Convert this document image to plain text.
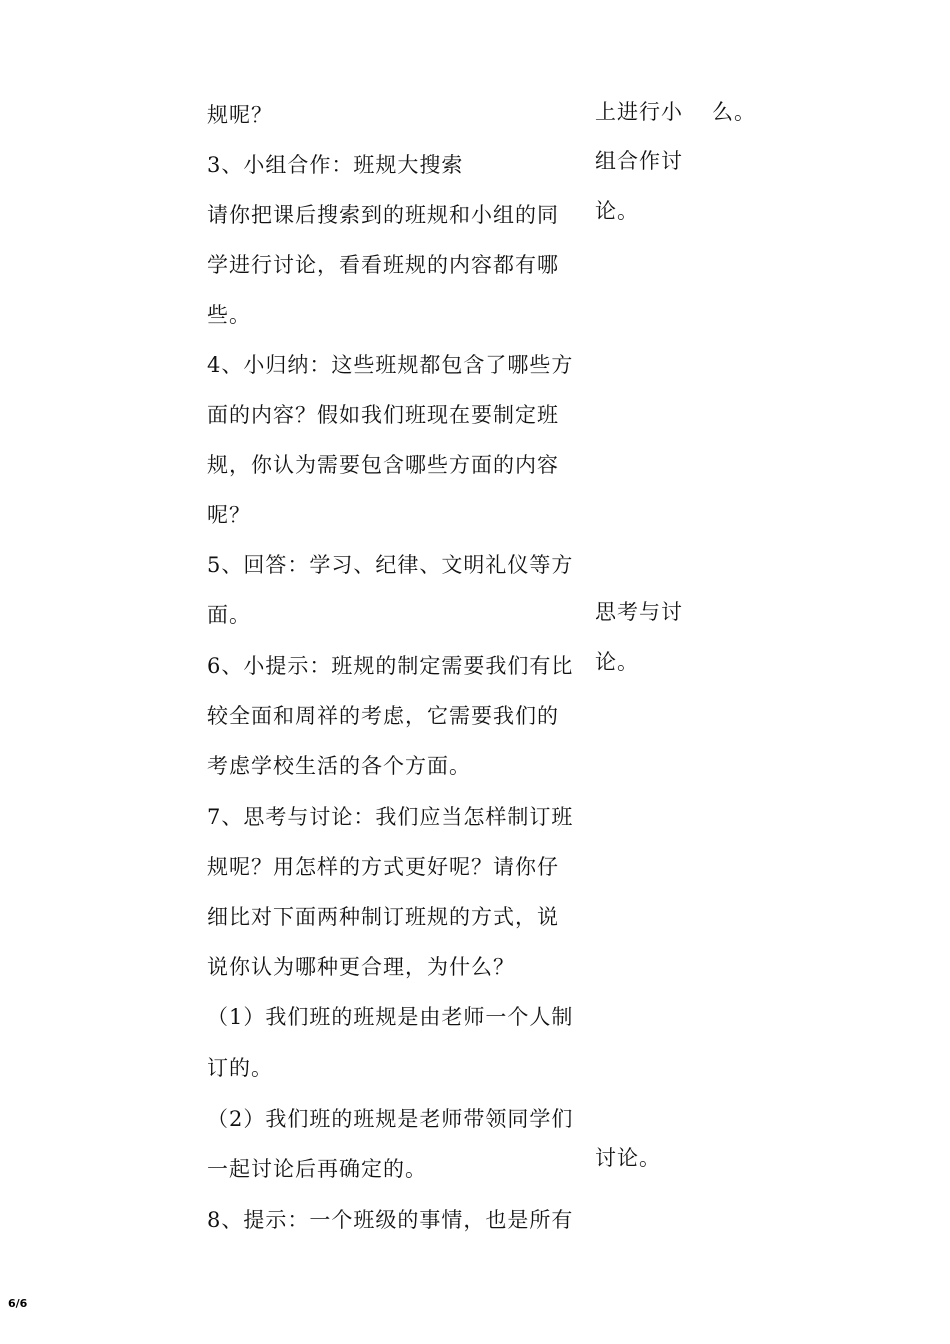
规呢？
3、小组合作：班规大搜索
请你把课后搜索到的班规和小组的同
学进行讨论，看看班规的内容都有哪
些。
4、小归纳：这些班规都包含了哪些方
面的内容？假如我们班现在要制定班
规，你认为需要包含哪些方面的内容
呢？
5、回答：学习、纪律、文明礼仪等方
面。
6、小提示：班规的制定需要我们有比
较全面和周祥的考虑，它需要我们的
考虑学校生活的各个方面。
7、思考与讨论：我们应当怎样制订班
规呢？用怎样的方式更好呢？请你仔
细比对下面两种制订班规的方式，说
说你认为哪种更合理，为什么？
（1）我们班的班规是由老师一个人制
订的。
（2）我们班的班规是老师带领同学们
一起讨论后再确定的。
8、提示：一个班级的事情，也是所有
上进行小
组合作讨
论。
思考与讨
论。
讨论。
么。
6/6
